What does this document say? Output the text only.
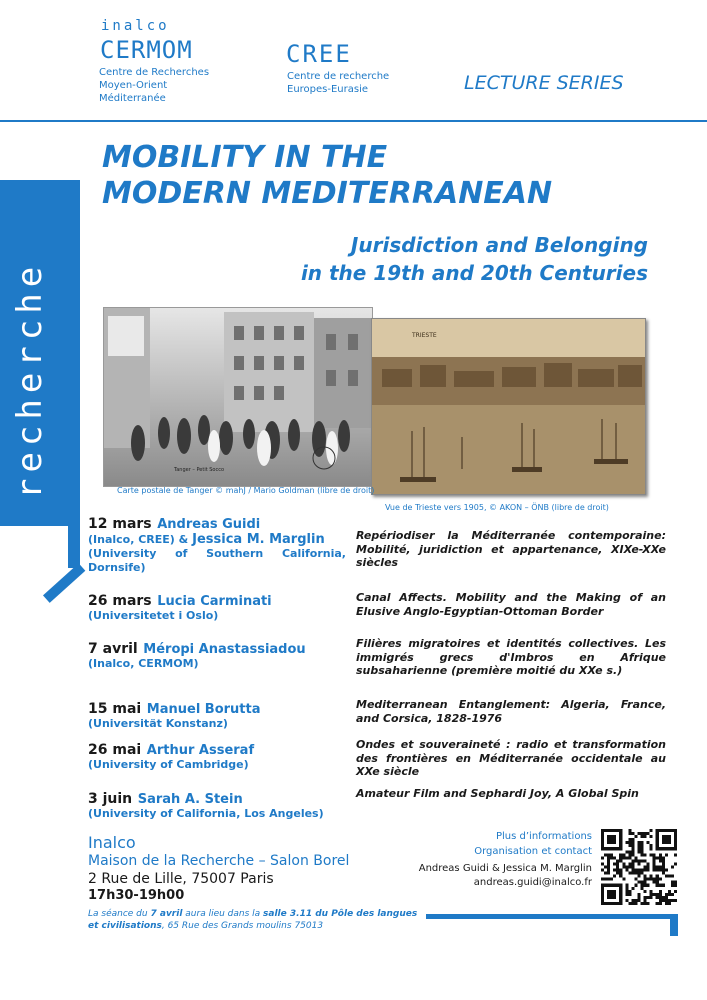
inalco
CERMOM
Centre de Recherches
Moyen-Orient
Méditerranée
CREE
Centre de recherche
Europes-Eurasie	LECTURE SERIES
recherche
MOBILITY IN THE
MODERN MEDITERRANEAN
Jurisdiction and Belonging
in the 19th and 20th Centuries
Tanger – Petit Socco
TRIESTE
Carte postale de Tanger © mahJ / Mario Goldman (libre de droit)
Vue de Trieste vers 1905, © AKON – ÖNB (libre de droit)
12 mars Andreas Guidi
(Inalco, CREE) & Jessica M. Marglin
(University of Southern California, Dornsife)
Repériodiser la Méditerranée contemporaine: Mobilité, juridiction et appartenance, XIXe-XXe siècles
26 mars Lucia Carminati
(Universitetet i Oslo)
Canal Affects. Mobility and the Making of an Elusive Anglo-Egyptian-Ottoman Border
7 avril Méropi Anastassiadou
(Inalco, CERMOM)
Filières migratoires et identités collectives. Les immigrés grecs d'Imbros en Afrique subsaharienne (première moitié du XXe s.)
15 mai Manuel Borutta
(Universität Konstanz)
Mediterranean Entanglement: Algeria, France, and Corsica, 1828-1976
26 mai Arthur Asseraf
(University of Cambridge)
Ondes et souveraineté : radio et transformation des frontières en Méditerranée occidentale au XXe siècle
3 juin Sarah A. Stein
(University of California, Los Angeles)
Amateur Film and Sephardi Joy, A Global Spin
Inalco
Maison de la Recherche – Salon Borel
2 Rue de Lille, 75007 Paris
17h30-19h00
La séance du 7 avril aura lieu dans la salle 3.11 du Pôle des langues et civilisations, 65 Rue des Grands moulins 75013
Plus d’informations
Organisation et contact
Andreas Guidi & Jessica M. Marglin
andreas.guidi@inalco.fr
